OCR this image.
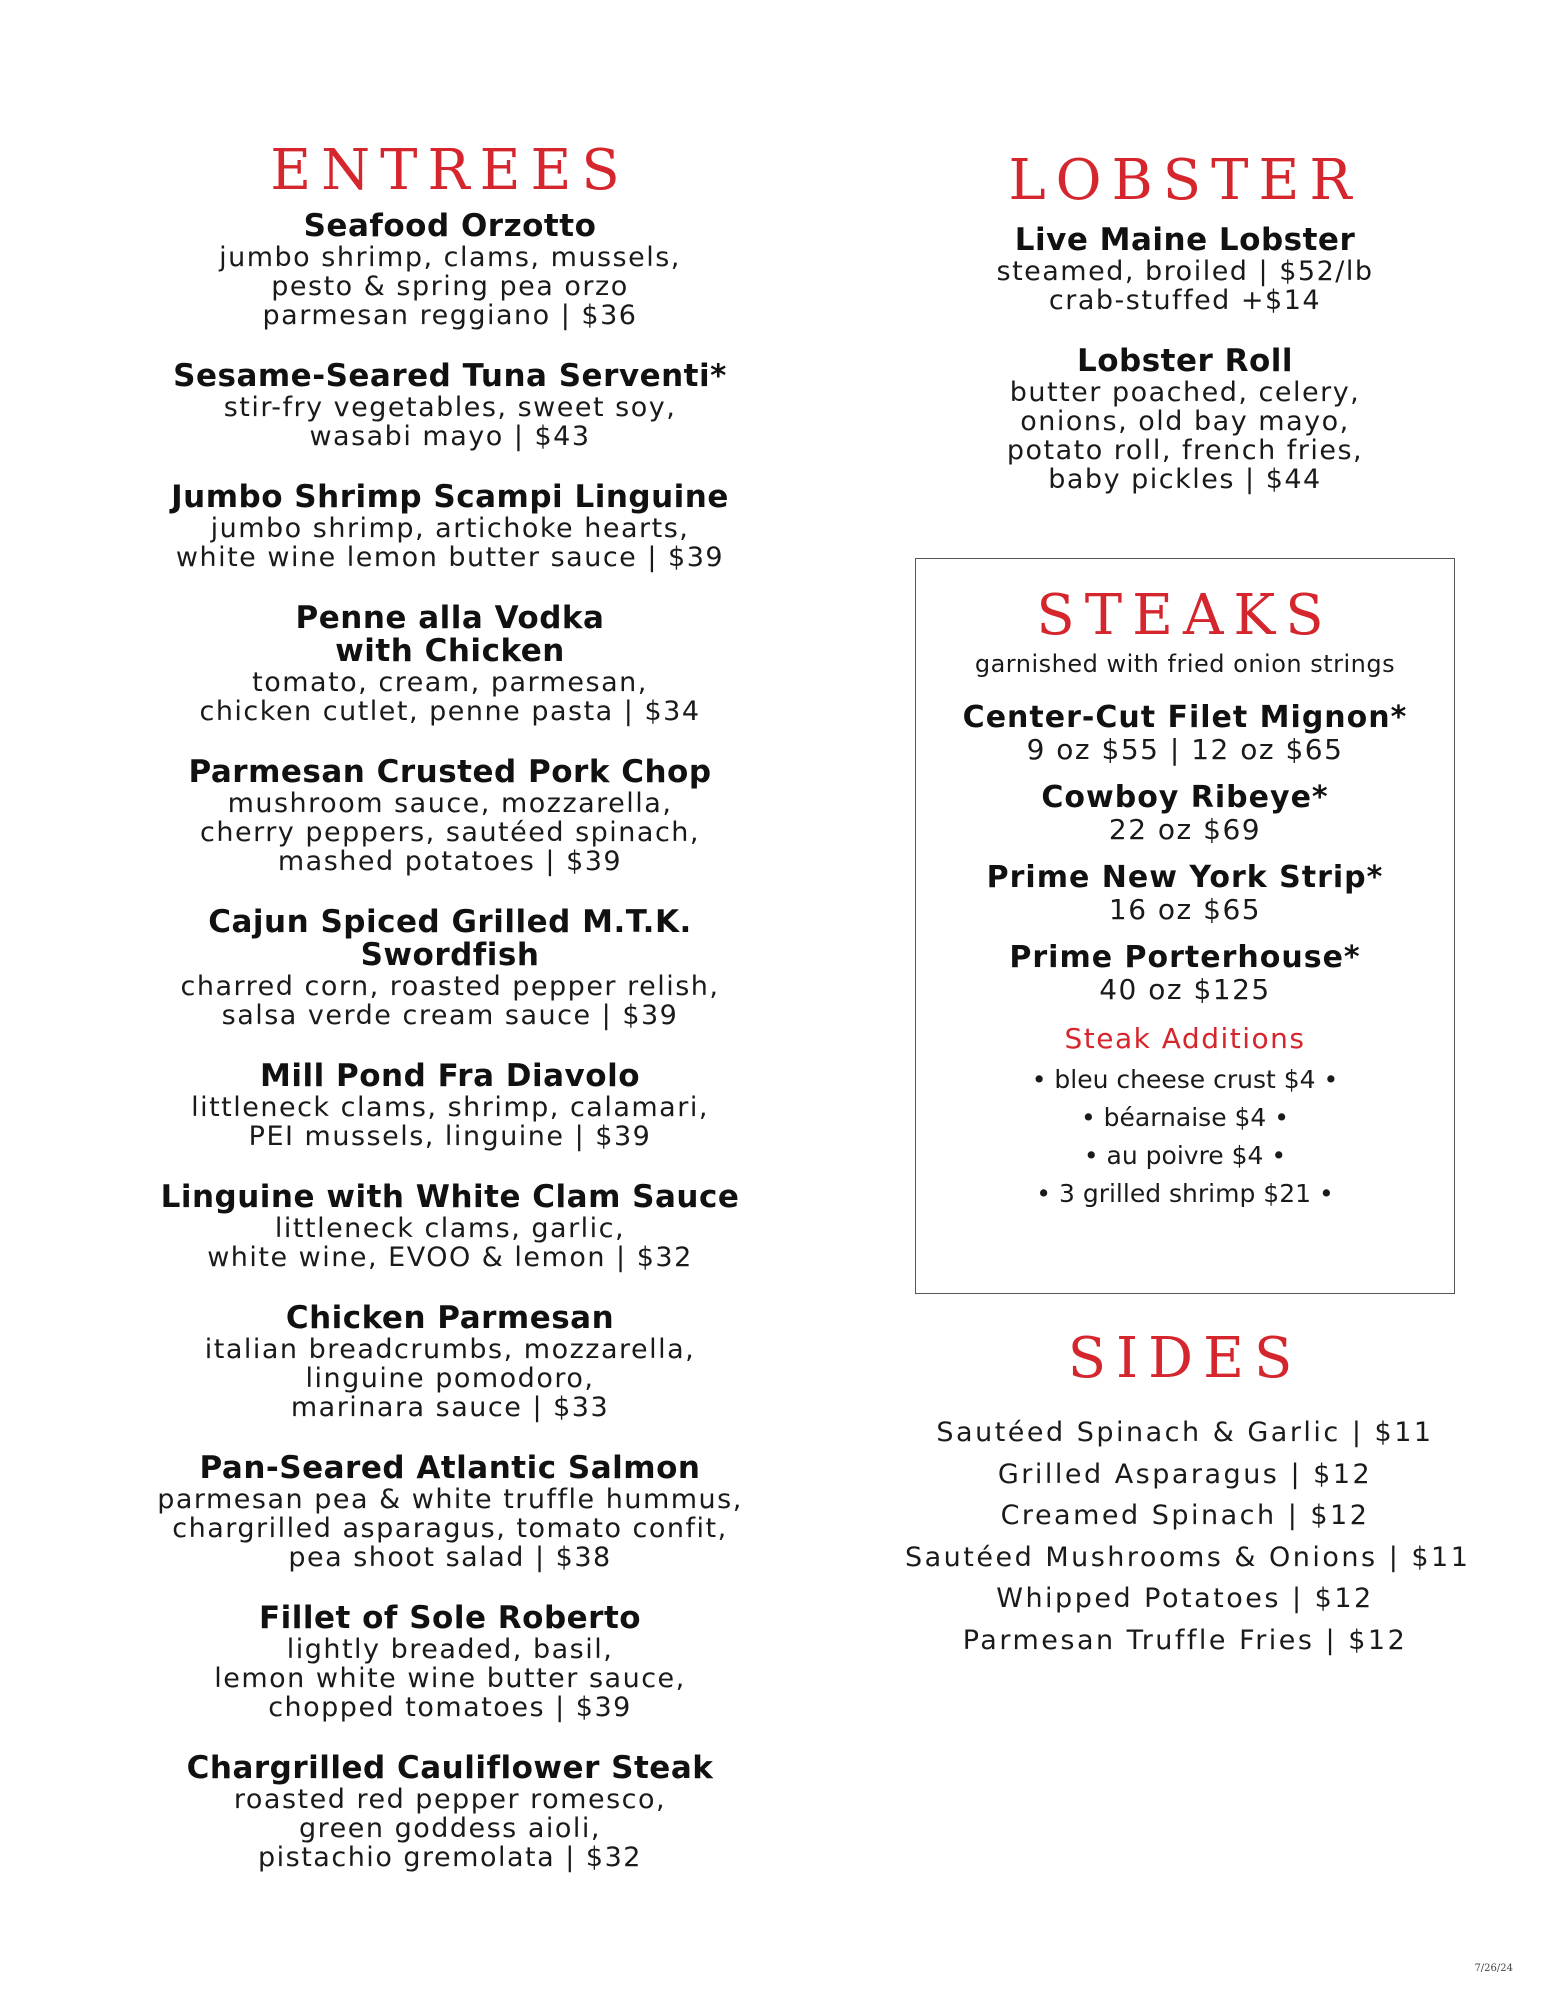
ENTREES
Seafood Orzotto
jumbo shrimp, clams, mussels,
pesto & spring pea orzo
parmesan reggiano | $36
Sesame-Seared Tuna Serventi*
stir-fry vegetables, sweet soy,
wasabi mayo | $43
Jumbo Shrimp Scampi Linguine
jumbo shrimp, artichoke hearts,
white wine lemon butter sauce | $39
Penne alla Vodka
with Chicken
tomato, cream, parmesan,
chicken cutlet, penne pasta | $34
Parmesan Crusted Pork Chop
mushroom sauce, mozzarella,
cherry peppers, sautéed spinach,
mashed potatoes | $39
Cajun Spiced Grilled M.T.K. Swordfish
charred corn, roasted pepper relish,
salsa verde cream sauce | $39
Mill Pond Fra Diavolo
littleneck clams, shrimp, calamari,
PEI mussels, linguine | $39
Linguine with White Clam Sauce
littleneck clams, garlic,
white wine, EVOO & lemon | $32
Chicken Parmesan
italian breadcrumbs, mozzarella,
linguine pomodoro,
marinara sauce | $33
Pan-Seared Atlantic Salmon
parmesan pea & white truffle hummus,
chargrilled asparagus, tomato confit,
pea shoot salad | $38
Fillet of Sole Roberto
lightly breaded, basil,
lemon white wine butter sauce,
chopped tomatoes | $39
Chargrilled Cauliflower Steak
roasted red pepper romesco,
green goddess aioli,
pistachio gremolata | $32
LOBSTER
Live Maine Lobster
steamed, broiled | $52/lb
crab-stuffed +$14
Lobster Roll
butter poached, celery,
onions, old bay mayo,
potato roll, french fries,
baby pickles | $44
STEAKS
garnished with fried onion strings
Center-Cut Filet Mignon*
9 oz $55 | 12 oz $65
Cowboy Ribeye*
22 oz $69
Prime New York Strip*
16 oz $65
Prime Porterhouse*
40 oz $125
Steak Additions
• bleu cheese crust $4 •
• béarnaise $4 •
• au poivre $4 •
• 3 grilled shrimp $21 •
SIDES
Sautéed Spinach & Garlic | $11
Grilled Asparagus | $12
Creamed Spinach | $12
Sautéed Mushrooms & Onions | $11
Whipped Potatoes | $12
Parmesan Truffle Fries | $12
7/26/24
